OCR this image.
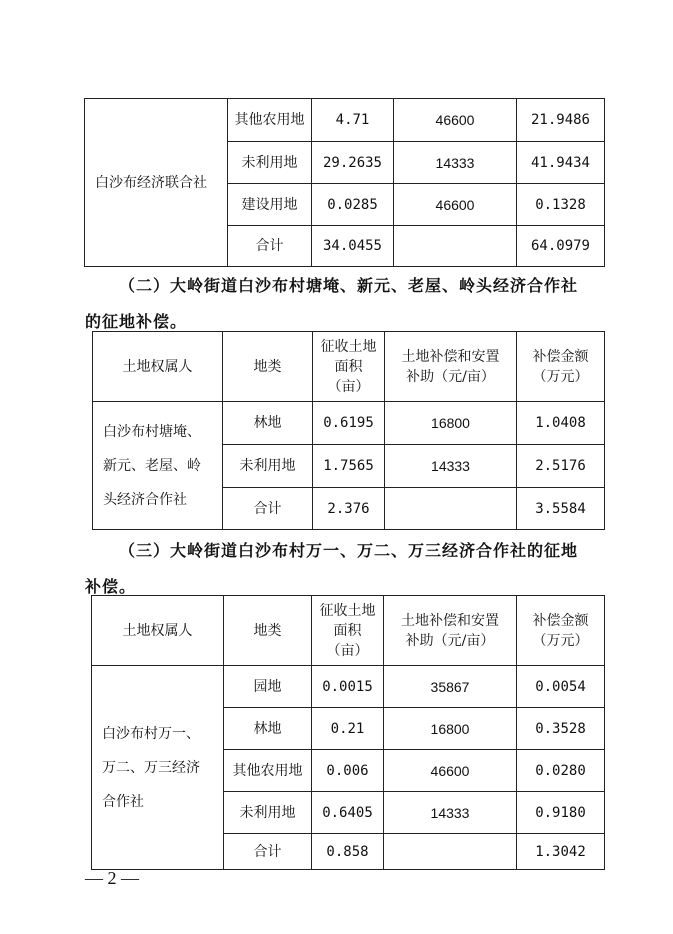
白沙布经济联合社	其他农用地	4.71	46600	21.9486
	未利用地	29.2635	14333	41.9434
	建设用地	0.0285	46600	0.1328
	合计	34.0455		64.0979

（二）大岭街道白沙布村塘埯、新元、老屋、岭头经济合作社
的征地补偿。

土地权属人	地类	征收土地
面积
（亩）	土地补偿和安置
补助（元/亩）	补偿金额
（万元）
白沙布村塘埯、
新元、老屋、岭
头经济合作社	林地	0.6195	16800	1.0408
	未利用地	1.7565	14333	2.5176
	合计	2.376		3.5584

（三）大岭街道白沙布村万一、万二、万三经济合作社的征地
补偿。

土地权属人	地类	征收土地
面积
（亩）	土地补偿和安置
补助（元/亩）	补偿金额
（万元）
白沙布村万一、
万二、万三经济
合作社	园地	0.0015	35867	0.0054
	林地	0.21	16800	0.3528
	其他农用地	0.006	46600	0.0280
	未利用地	0.6405	14333	0.9180
	合计	0.858		1.3042
— 2 —
